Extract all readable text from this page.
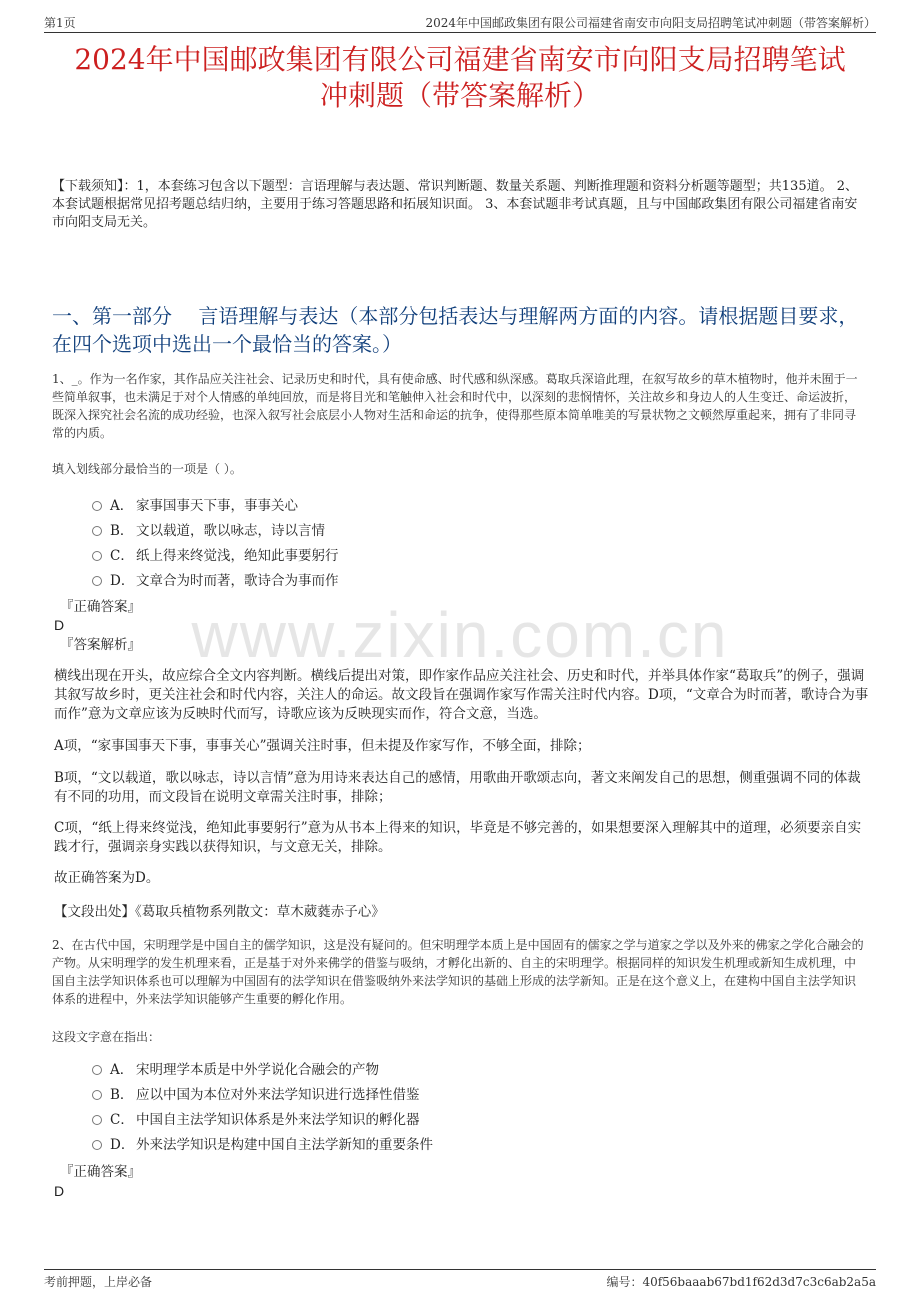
第1页	2024年中国邮政集团有限公司福建省南安市向阳支局招聘笔试冲刺题（带答案解析）
2024年中国邮政集团有限公司福建省南安市向阳支局招聘笔试
冲刺题（带答案解析）
【下载须知】：1，本套练习包含以下题型：言语理解与表达题、常识判断题、数量关系题、判断推理题和资料分析题等题型；共135道。 2、本套试题根据常见招考题总结归纳，主要用于练习答题思路和拓展知识面。 3、本套试题非考试真题，且与中国邮政集团有限公司福建省南安市向阳支局无关。
一、第一部分　 言语理解与表达（本部分包括表达与理解两方面的内容。请根据题目要求，在四个选项中选出一个最恰当的答案。）
1、_。作为一名作家，其作品应关注社会、记录历史和时代，具有使命感、时代感和纵深感。葛取兵深谙此理，在叙写故乡的草木植物时，他并未囿于一些简单叙事，也未满足于对个人情感的单纯回放，而是将目光和笔触伸入社会和时代中，以深刻的悲悯情怀，关注故乡和身边人的人生变迁、命运波折，既深入探究社会名流的成功经验，也深入叙写社会底层小人物对生活和命运的抗争，使得那些原本简单唯美的写景状物之文顿然厚重起来，拥有了非同寻常的内质。
填入划线部分最恰当的一项是（ ）。
A． 家事国事天下事，事事关心
B． 文以载道，歌以咏志，诗以言情
C． 纸上得来终觉浅，绝知此事要躬行
D． 文章合为时而著，歌诗合为事而作
『正确答案』
D
『答案解析』 www.zixin.com.cn
横线出现在开头，故应综合全文内容判断。横线后提出对策，即作家作品应关注社会、历史和时代，并举具体作家“葛取兵”的例子，强调其叙写故乡时，更关注社会和时代内容，关注人的命运。故文段旨在强调作家写作需关注时代内容。D项，“文章合为时而著，歌诗合为事而作”意为文章应该为反映时代而写，诗歌应该为反映现实而作，符合文意，当选。
A项，“家事国事天下事，事事关心”强调关注时事，但未提及作家写作，不够全面，排除；
B项，“文以载道，歌以咏志，诗以言情”意为用诗来表达自己的感情，用歌曲开歌颂志向，著文来阐发自己的思想，侧重强调不同的体裁有不同的功用，而文段旨在说明文章需关注时事，排除；
C项，“纸上得来终觉浅，绝知此事要躬行”意为从书本上得来的知识，毕竟是不够完善的，如果想要深入理解其中的道理，必须要亲自实践才行，强调亲身实践以获得知识，与文意无关，排除。
故正确答案为D。
【文段出处】《葛取兵植物系列散文：草木葳蕤赤子心》
2、在古代中国，宋明理学是中国自主的儒学知识，这是没有疑问的。但宋明理学本质上是中国固有的儒家之学与道家之学以及外来的佛家之学化合融会的产物。从宋明理学的发生机理来看，正是基于对外来佛学的借鉴与吸纳，才孵化出新的、自主的宋明理学。根据同样的知识发生机理或新知生成机理，中国自主法学知识体系也可以理解为中国固有的法学知识在借鉴吸纳外来法学知识的基础上形成的法学新知。正是在这个意义上，在建构中国自主法学知识体系的进程中，外来法学知识能够产生重要的孵化作用。
这段文字意在指出：
A． 宋明理学本质是中外学说化合融会的产物
B． 应以中国为本位对外来法学知识进行选择性借鉴
C． 中国自主法学知识体系是外来法学知识的孵化器
D． 外来法学知识是构建中国自主法学新知的重要条件
『正确答案』
D
考前押题，上岸必备	编号：40f56baaab67bd1f62d3d7c3c6ab2a5a
